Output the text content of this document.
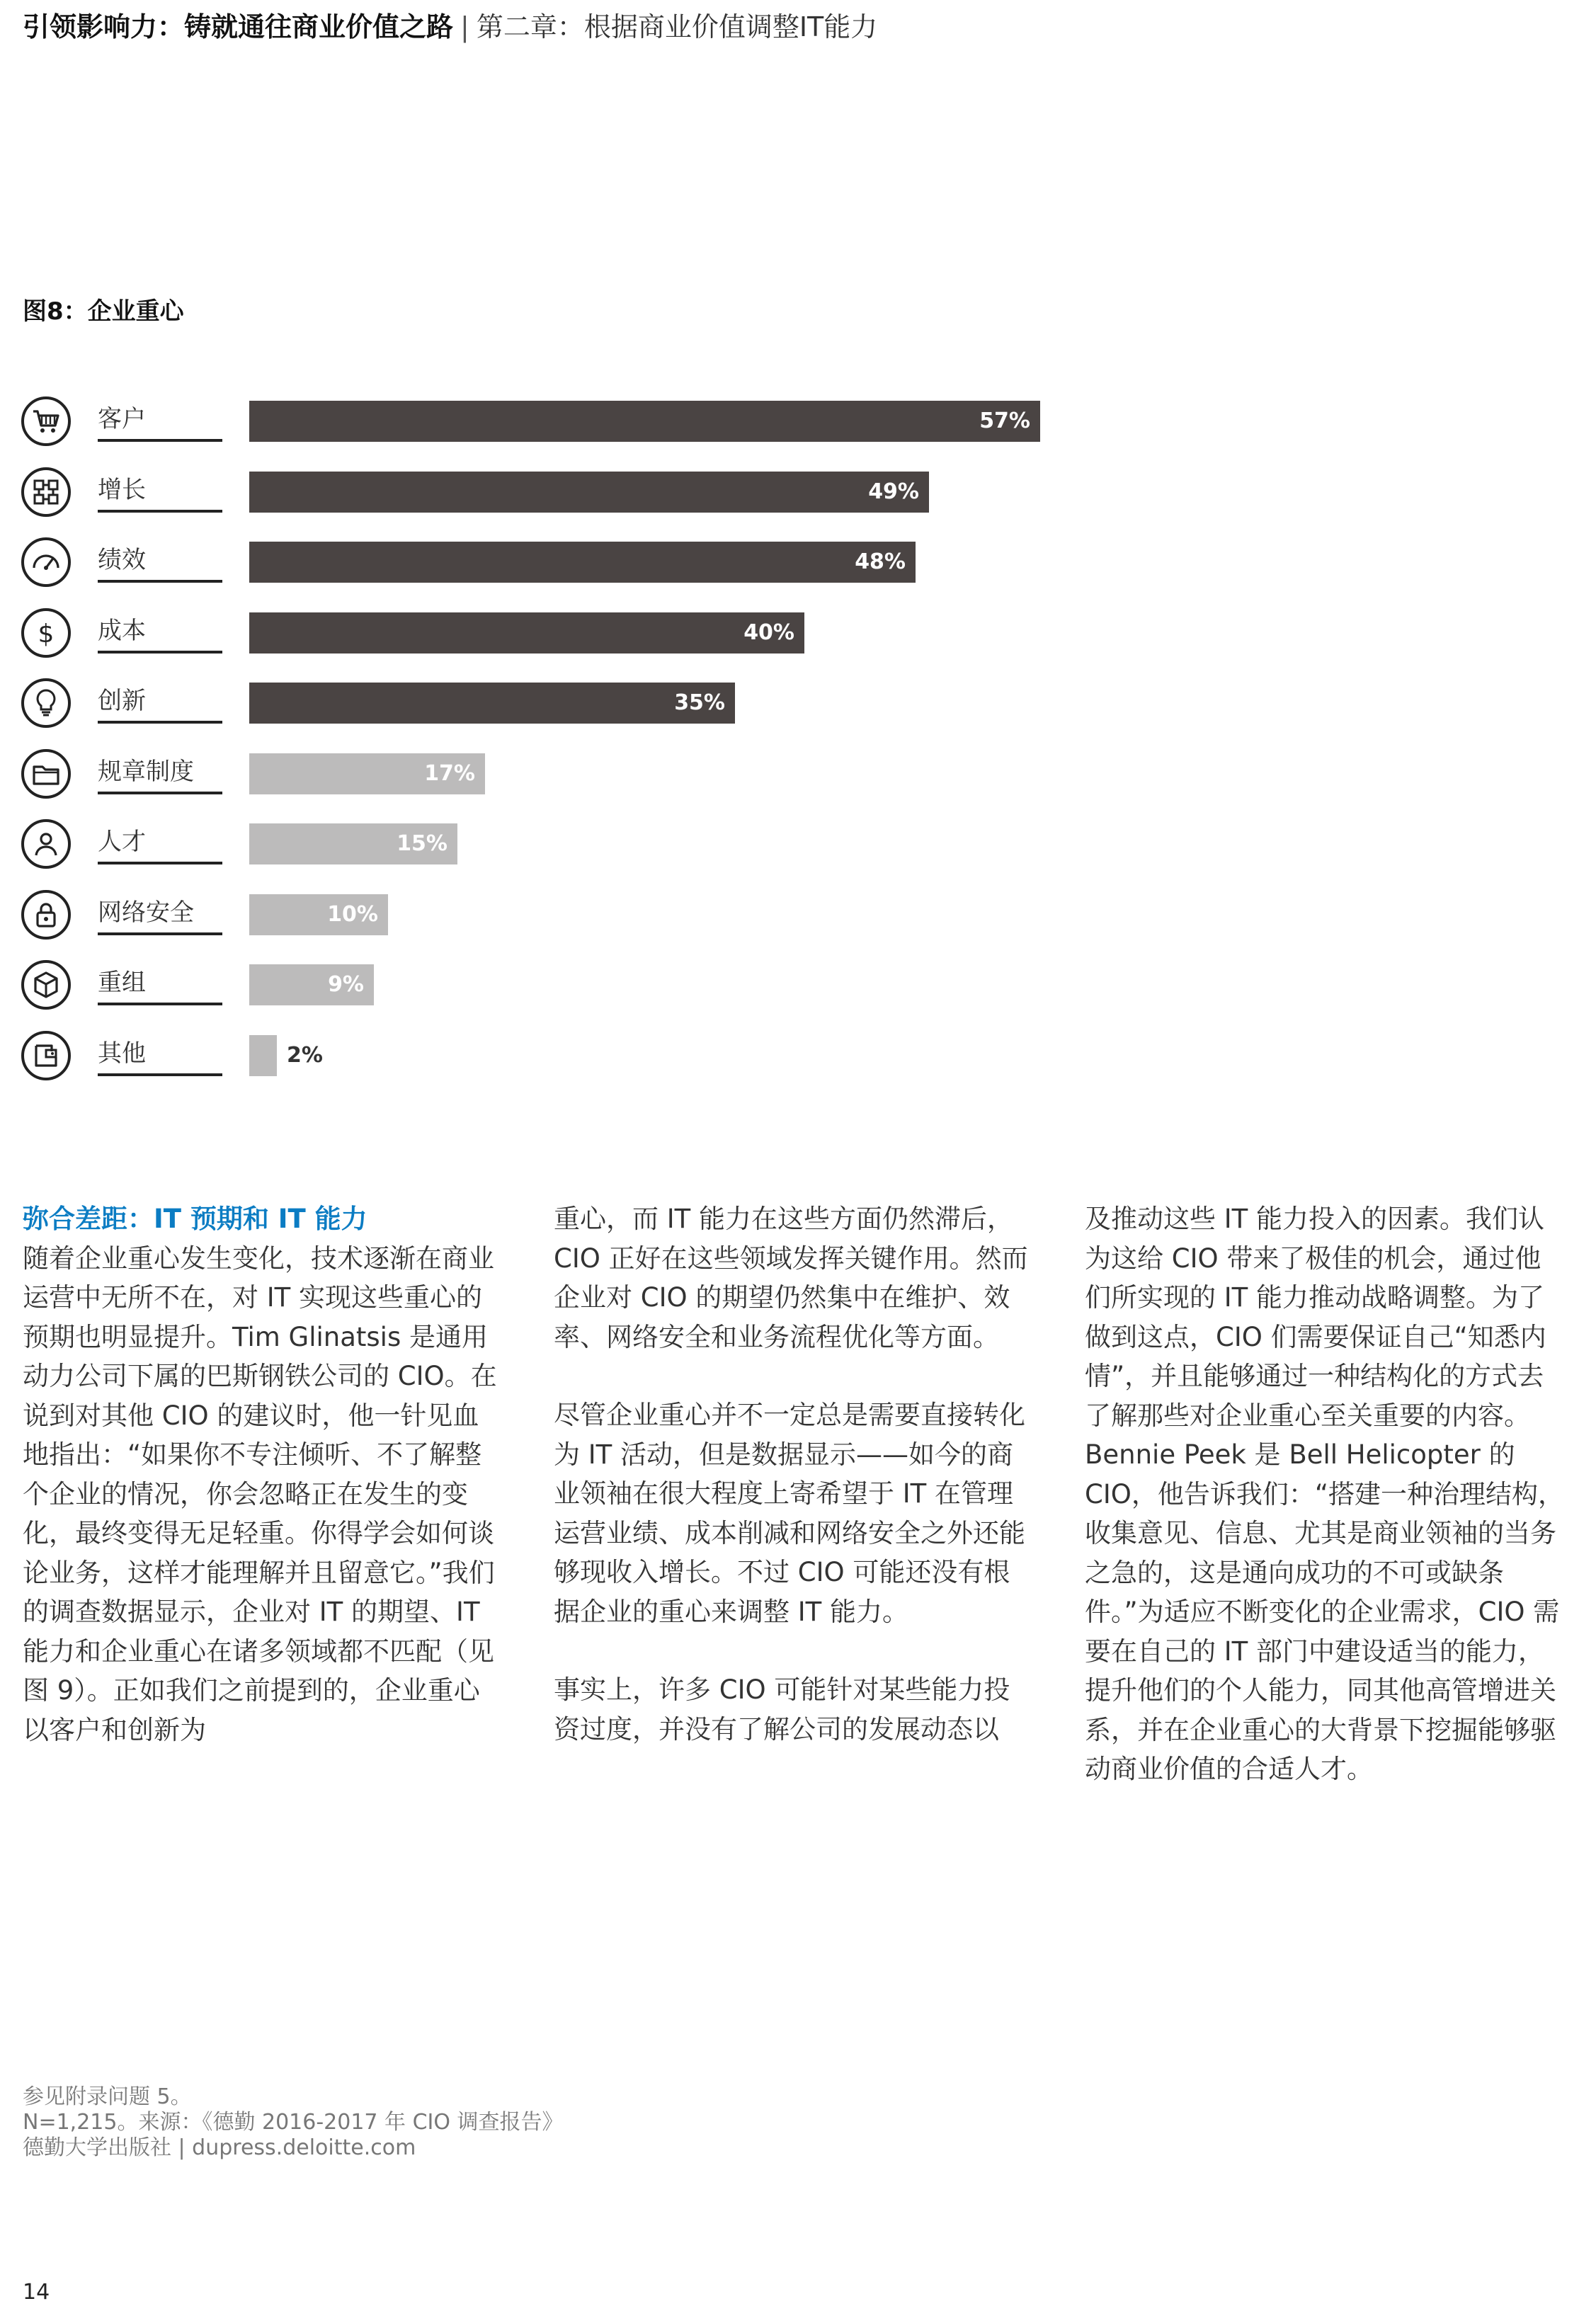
引领影响力：铸就通往商业价值之路 | 第二章：根据商业价值调整IT能力
图8：企业重心
客户	57%
增长	49%
绩效	48%
$ 成本	40%
创新	35%
规章制度	17%
人才	15%
网络安全	10%
重组	9%
其他	2%
弥合差距：IT 预期和 IT 能力

随着企业重心发生变化，技术逐渐在商业运营中无所不在，对 IT 实现这些重心的预期也明显提升。Tim Glinatsis 是通用动力公司下属的巴斯钢铁公司的 CIO。在说到对其他 CIO 的建议时，他一针见血地指出：“如果你不专注倾听、不了解整个企业的情况，你会忽略正在发生的变化，最终变得无足轻重。你得学会如何谈论业务，这样才能理解并且留意它。”我们的调查数据显示，企业对 IT 的期望、IT 能力和企业重心在诸多领域都不匹配（见图 9）。正如我们之前提到的，企业重心以客户和创新为

重心，而 IT 能力在这些方面仍然滞后，CIO 正好在这些领域发挥关键作用。然而企业对 CIO 的期望仍然集中在维护、效率、网络安全和业务流程优化等方面。

尽管企业重心并不一定总是需要直接转化为 IT 活动，但是数据显示——如今的商业领袖在很大程度上寄希望于 IT 在管理运营业绩、成本削减和网络安全之外还能够现收入增长。不过 CIO 可能还没有根据企业的重心来调整 IT 能力。

事实上，许多 CIO 可能针对某些能力投资过度，并没有了解公司的发展动态以

及推动这些 IT 能力投入的因素。我们认为这给 CIO 带来了极佳的机会，通过他们所实现的 IT 能力推动战略调整。为了做到这点，CIO 们需要保证自己“知悉内情”，并且能够通过一种结构化的方式去了解那些对企业重心至关重要的内容。Bennie Peek 是 Bell Helicopter 的 CIO，他告诉我们：“搭建一种治理结构，收集意见、信息、尤其是商业领袖的当务之急的，这是通向成功的不可或缺条件。”为适应不断变化的企业需求，CIO 需要在自己的 IT 部门中建设适当的能力，提升他们的个人能力，同其他高管增进关系，并在企业重心的大背景下挖掘能够驱动商业价值的合适人才。

参见附录问题 5。
N=1,215。来源：《德勤 2016-2017 年 CIO 调查报告》
德勤大学出版社 | dupress.deloitte.com
14
